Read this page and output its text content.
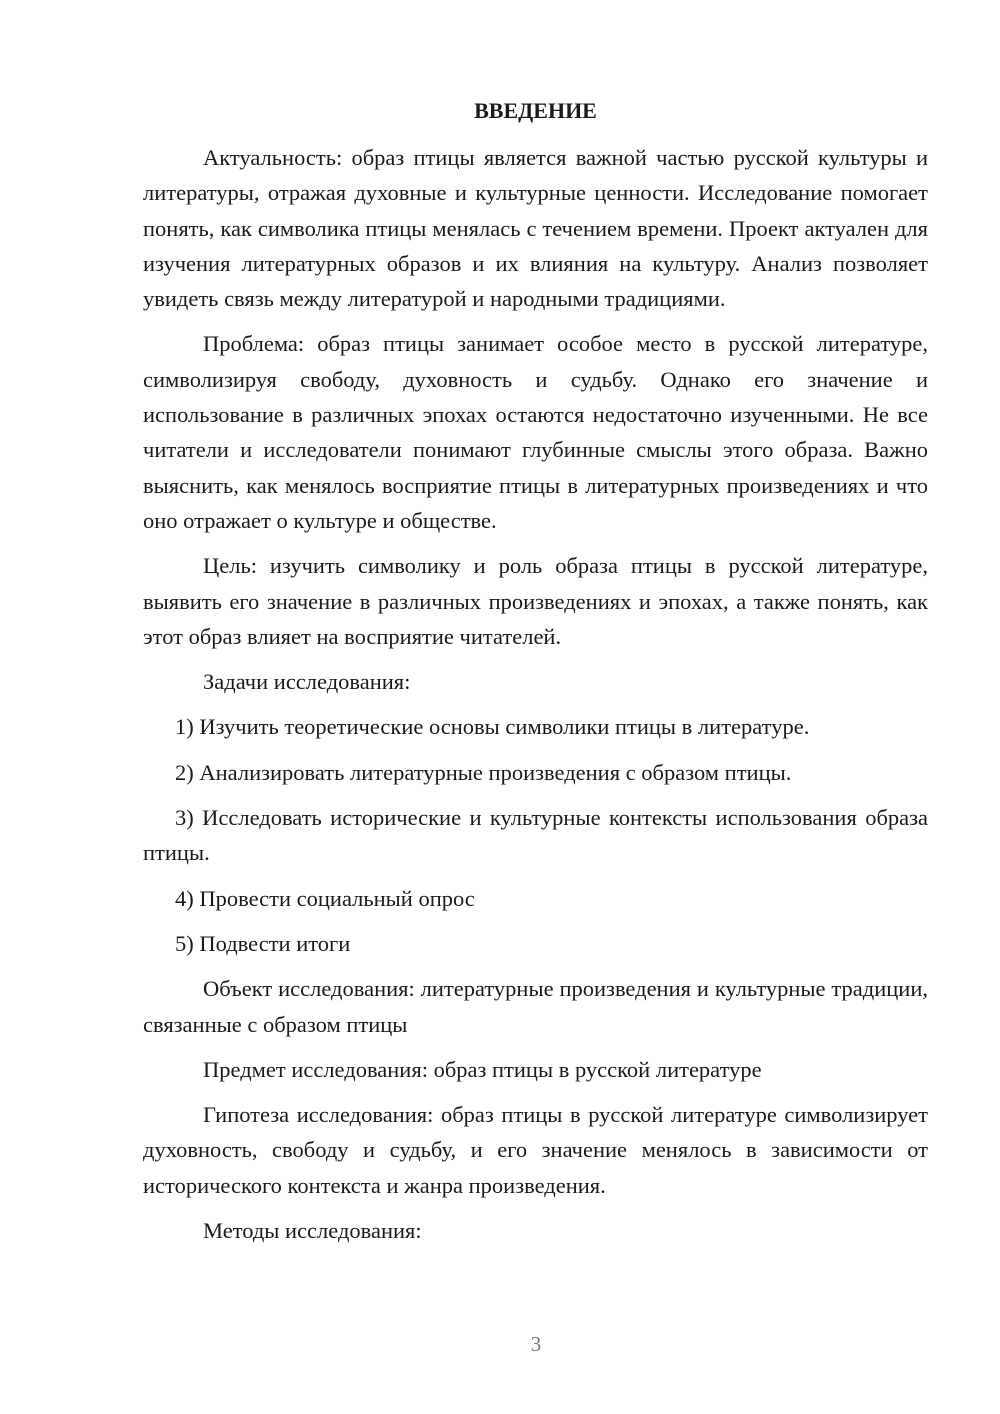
ВВЕДЕНИЕ

Актуальность: образ птицы является важной частью русской культуры и литературы, отражая духовные и культурные ценности. Исследование помогает понять, как символика птицы менялась с течением времени. Проект актуален для изучения литературных образов и их влияния на культуру. Анализ позволяет увидеть связь между литературой и народными традициями.

Проблема: образ птицы занимает особое место в русской литературе, символизируя свободу, духовность и судьбу. Однако его значение и использование в различных эпохах остаются недостаточно изученными. Не все читатели и исследователи понимают глубинные смыслы этого образа. Важно выяснить, как менялось восприятие птицы в литературных произведениях и что оно отражает о культуре и обществе.

Цель: изучить символику и роль образа птицы в русской литературе, выявить его значение в различных произведениях и эпохах, а также понять, как этот образ влияет на восприятие читателей.

Задачи исследования:

1) Изучить теоретические основы символики птицы в литературе.

2) Анализировать литературные произведения с образом птицы.

3) Исследовать исторические и культурные контексты использования образа птицы.

4) Провести социальный опрос

5) Подвести итоги

Объект исследования: литературные произведения и культурные традиции, связанные с образом птицы

Предмет исследования: образ птицы в русской литературе

Гипотеза исследования: образ птицы в русской литературе символизирует духовность, свободу и судьбу, и его значение менялось в зависимости от исторического контекста и жанра произведения.

Методы исследования:

3
